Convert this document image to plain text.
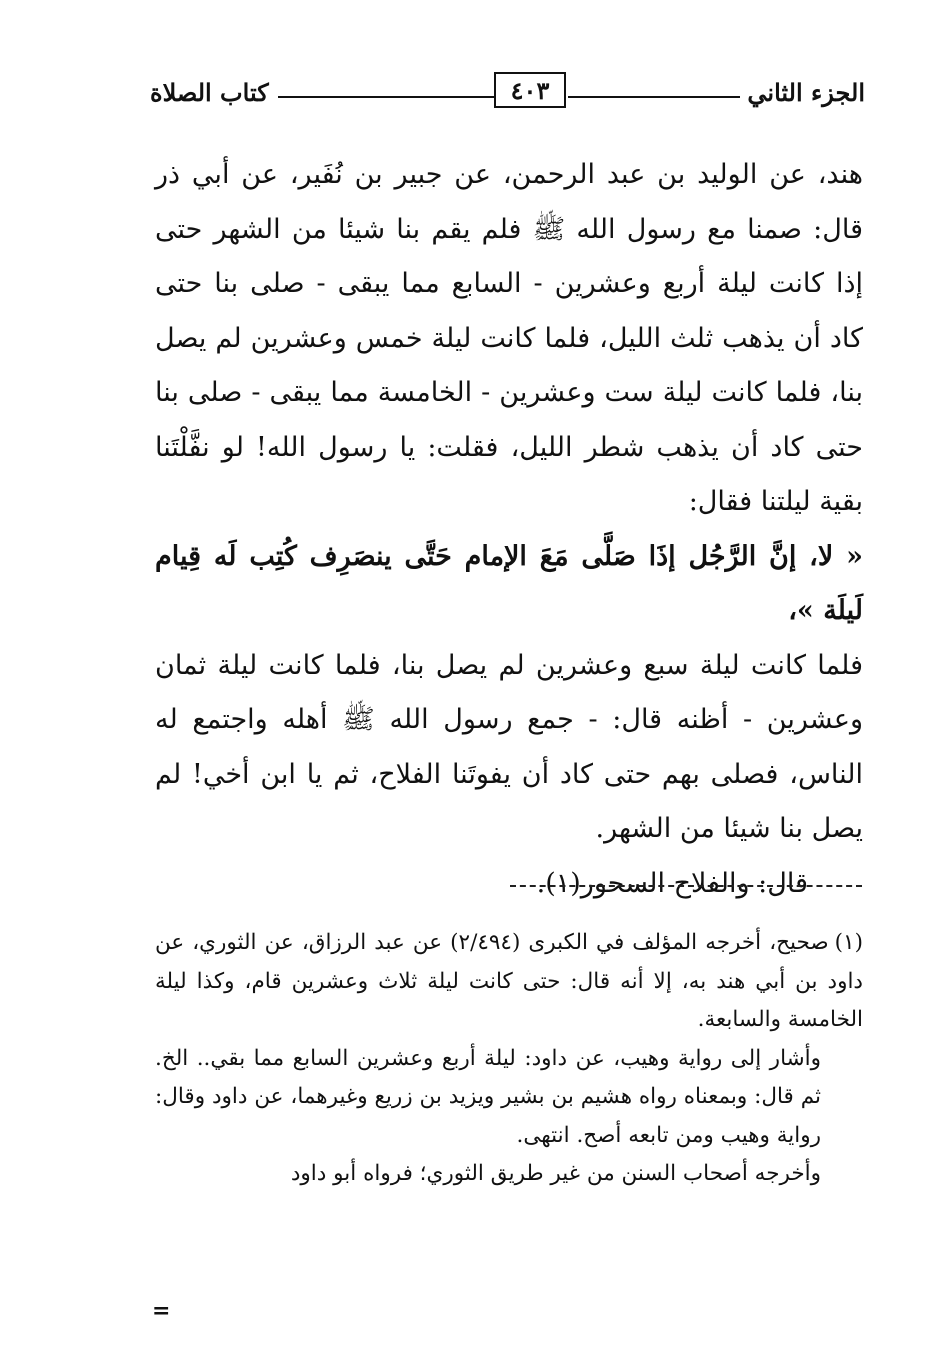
الجزء الثاني
٤٠٣
كتاب الصلاة

هند، عن الوليد بن عبد الرحمن، عن جبير بن نُفَير، عن أبي ذر قال: صمنا مع رسول الله ﷺ فلم يقم بنا شيئا من الشهر حتى إذا كانت ليلة أربع وعشرين - السابع مما يبقى - صلى بنا حتى كاد أن يذهب ثلث الليل، فلما كانت ليلة خمس وعشرين لم يصل بنا، فلما كانت ليلة ست وعشرين - الخامسة مما يبقى - صلى بنا حتى كاد أن يذهب شطر الليل، فقلت: يا رسول الله! لو نفَّلْتَنا بقية ليلتنا فقال:

« لا، إنَّ الرَّجُل إذَا صَلَّى مَعَ الإمام حَتَّى ينصَرِف كُتِب لَه قِيام لَيلَة »،

فلما كانت ليلة سبع وعشرين لم يصل بنا، فلما كانت ليلة ثمان وعشرين - أظنه قال: - جمع رسول الله ﷺ أهله واجتمع له الناس، فصلى بهم حتى كاد أن يفوتَنا الفلاح، ثم يا ابن أخي! لم يصل بنا شيئا من الشهر.

قال: والفلاح السحور(١).

(١)صحيح، أخرجه المؤلف في الكبرى (٢/٤٩٤) عن عبد الرزاق، عن الثوري، عن داود بن أبي هند به، إلا أنه قال: حتى كانت ليلة ثلاث وعشرين قام، وكذا ليلة الخامسة والسابعة.

وأشار إلى رواية وهيب، عن داود: ليلة أربع وعشرين السابع مما بقي.. الخ. ثم قال: وبمعناه رواه هشيم بن بشير ويزيد بن زريع وغيرهما، عن داود وقال: رواية وهيب ومن تابعه أصح. انتهى.

وأخرجه أصحاب السنن من غير طريق الثوري؛ فرواه أبو داود

=
